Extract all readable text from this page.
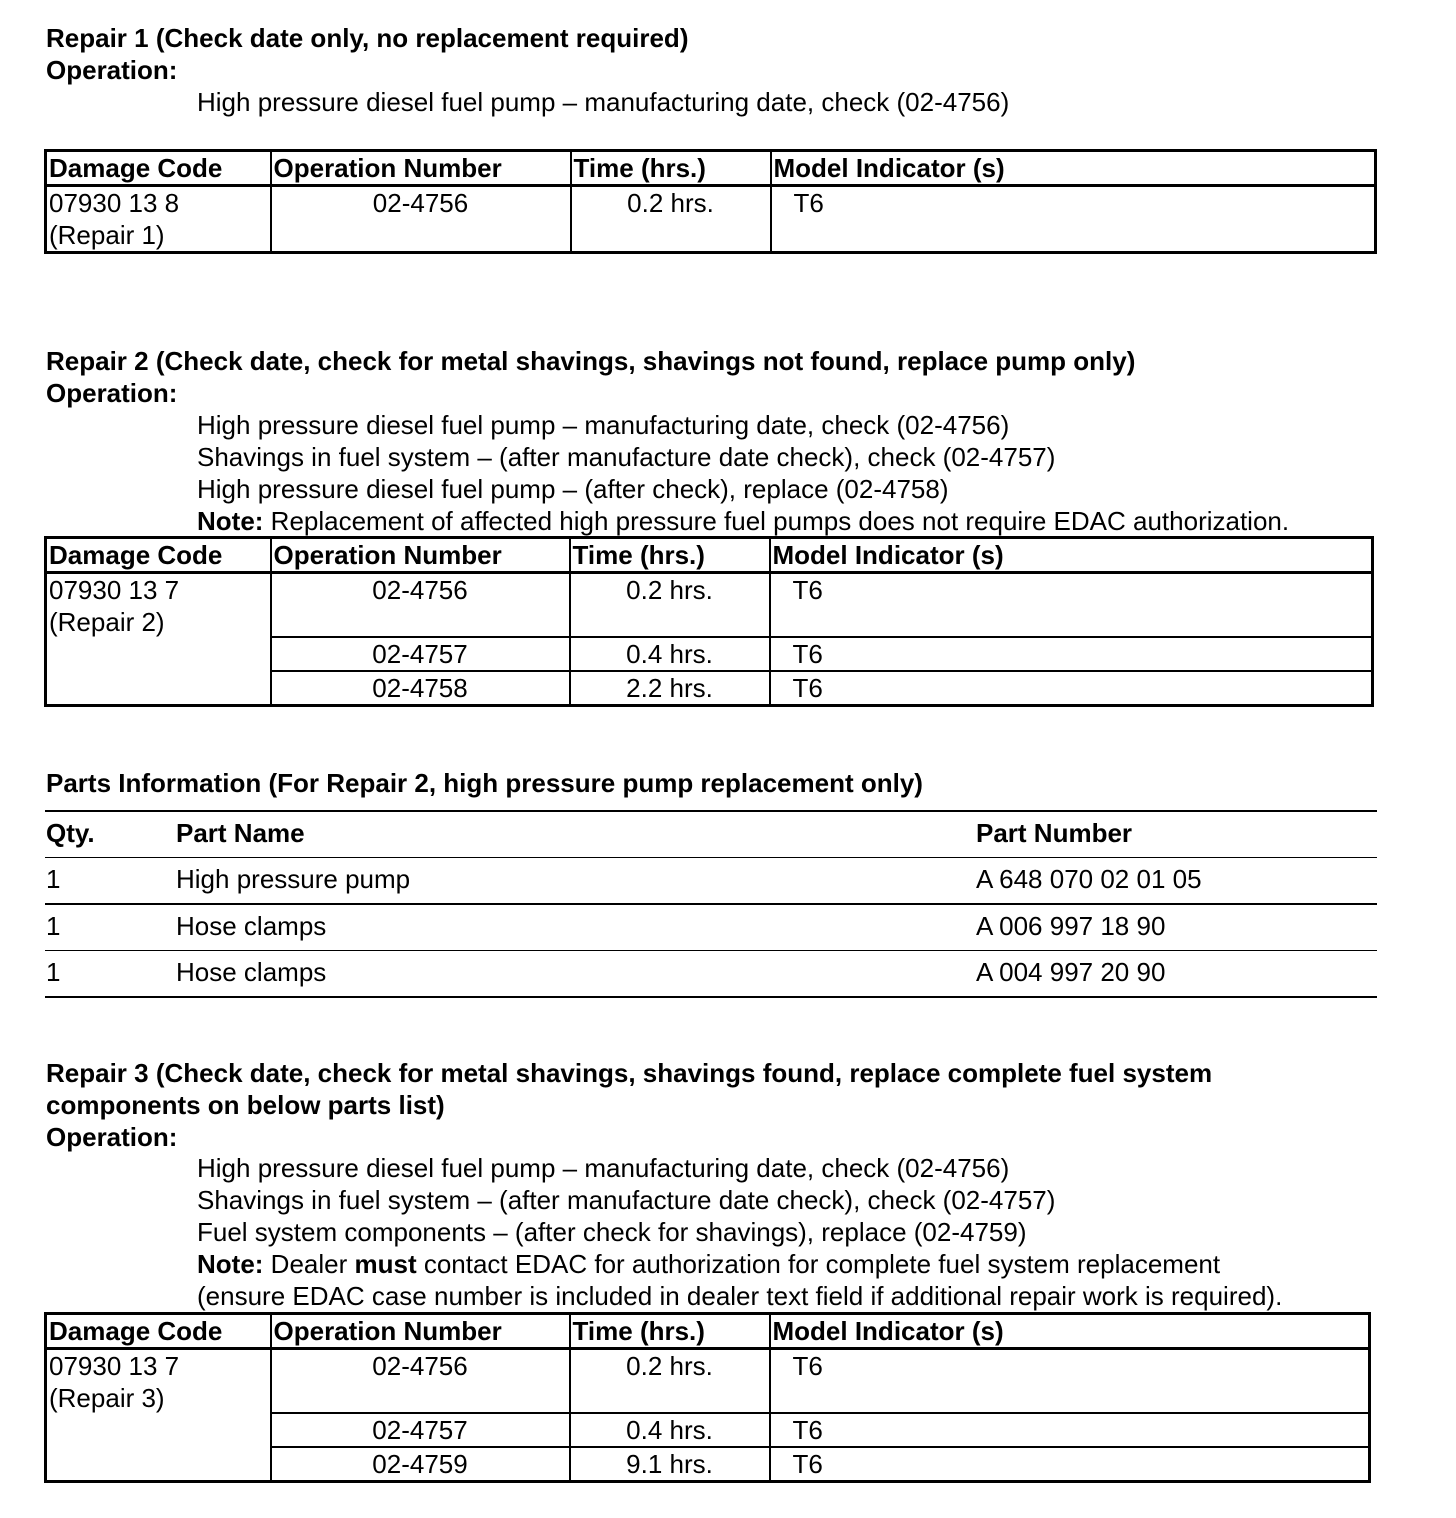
Repair 1 (Check date only, no replacement required)
Operation:
High pressure diesel fuel pump – manufacturing date, check (02-4756)
Damage Code	Operation Number	Time (hrs.)	Model Indicator (s)

07930 13 8
(Repair 1)	02-4756	0.2 hrs.	T6
Repair 2 (Check date, check for metal shavings, shavings not found, replace pump only)
Operation:
High pressure diesel fuel pump – manufacturing date, check (02-4756)
Shavings in fuel system – (after manufacture date check), check (02-4757)
High pressure diesel fuel pump – (after check), replace (02-4758)
Note: Replacement of affected high pressure fuel pumps does not require EDAC authorization.
Damage Code	Operation Number	Time (hrs.)	Model Indicator (s)

07930 13 7
(Repair 2)	02-4756	0.2 hrs.	T6
	02-4757	0.4 hrs.	T6
	02-4758	2.2 hrs.	T6
Parts Information (For Repair 2, high pressure pump replacement only)
Qty.	Part Name	Part Number
1	High pressure pump	A 648 070 02 01 05
1	Hose clamps	A 006 997 18 90
1	Hose clamps	A 004 997 20 90
Repair 3 (Check date, check for metal shavings, shavings found, replace complete fuel system
components on below parts list)
Operation:
High pressure diesel fuel pump – manufacturing date, check (02-4756)
Shavings in fuel system – (after manufacture date check), check (02-4757)
Fuel system components – (after check for shavings), replace (02-4759)
Note: Dealer must contact EDAC for authorization for complete fuel system replacement
(ensure EDAC case number is included in dealer text field if additional repair work is required).
Damage Code	Operation Number	Time (hrs.)	Model Indicator (s)

07930 13 7
(Repair 3)	02-4756	0.2 hrs.	T6
	02-4757	0.4 hrs.	T6
	02-4759	9.1 hrs.	T6
